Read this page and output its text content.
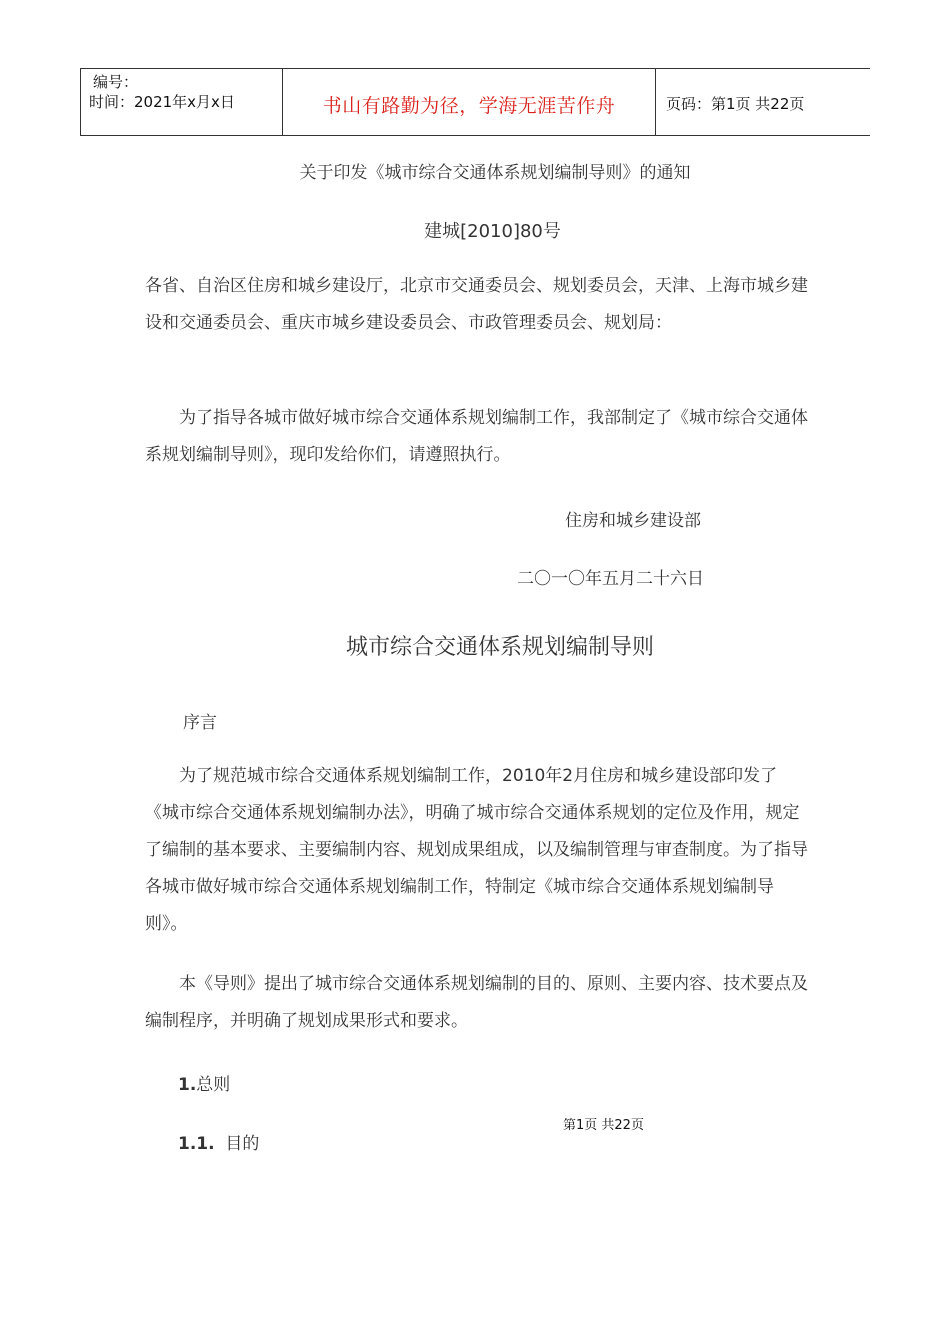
编号：
时间：2021年x月x日	书山有路勤为径，学海无涯苦作舟	页码：第1页 共22页
关于印发《城市综合交通体系规划编制导则》的通知
建城[2010]80号
各省、自治区住房和城乡建设厅，北京市交通委员会、规划委员会，天津、上海市城乡建设和交通委员会、重庆市城乡建设委员会、市政管理委员会、规划局：
为了指导各城市做好城市综合交通体系规划编制工作，我部制定了《城市综合交通体系规划编制导则》，现印发给你们，请遵照执行。
住房和城乡建设部
二〇一〇年五月二十六日
城市综合交通体系规划编制导则
序言
为了规范城市综合交通体系规划编制工作，2010年2月住房和城乡建设部印发了《城市综合交通体系规划编制办法》，明确了城市综合交通体系规划的定位及作用，规定了编制的基本要求、主要编制内容、规划成果组成，以及编制管理与审查制度。为了指导各城市做好城市综合交通体系规划编制工作，特制定《城市综合交通体系规划编制导则》。
本《导则》提出了城市综合交通体系规划编制的目的、原则、主要内容、技术要点及编制程序，并明确了规划成果形式和要求。
1.总则
1.1. 目的
第1页 共22页
